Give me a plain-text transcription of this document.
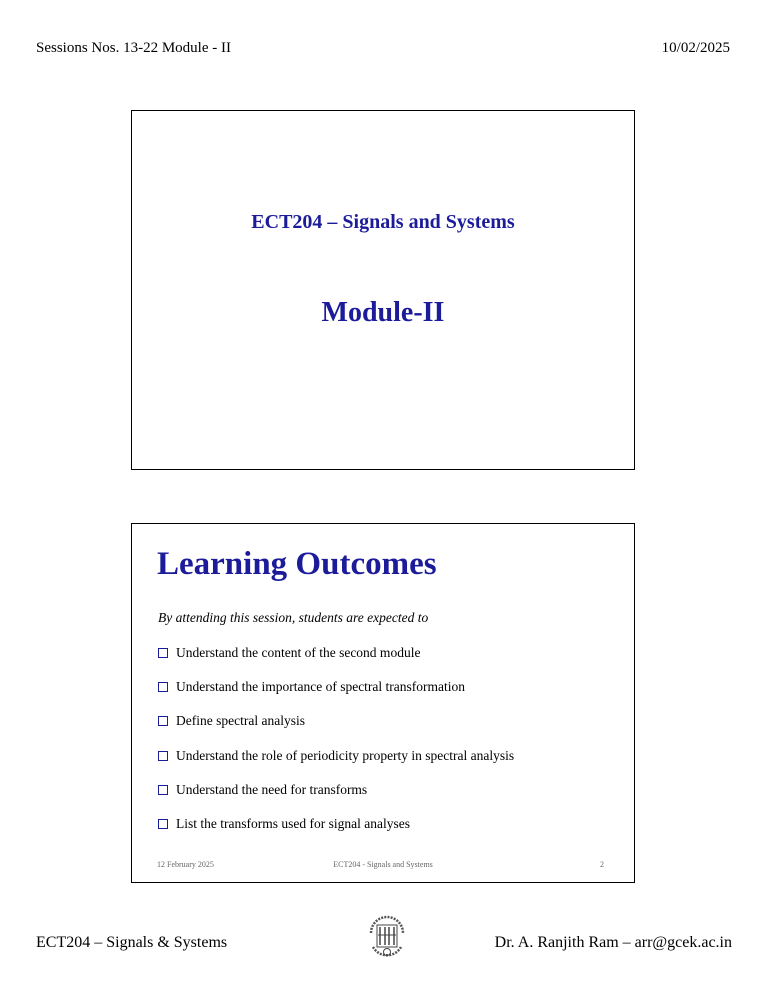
Sessions Nos. 13-22 Module - II	10/02/2025
ECT204 – Signals and Systems
Module-II
Learning Outcomes
By attending this session, students are expected to
Understand the content of the second module
Understand the importance of spectral transformation
Define spectral analysis
Understand the role of periodicity property in spectral analysis
Understand the need for transforms
List the transforms used for signal analyses
12 February 2025	ECT204 - Signals and Systems	2
ECT204 – Signals & Systems	Dr. A. Ranjith Ram – arr@gcek.ac.in
